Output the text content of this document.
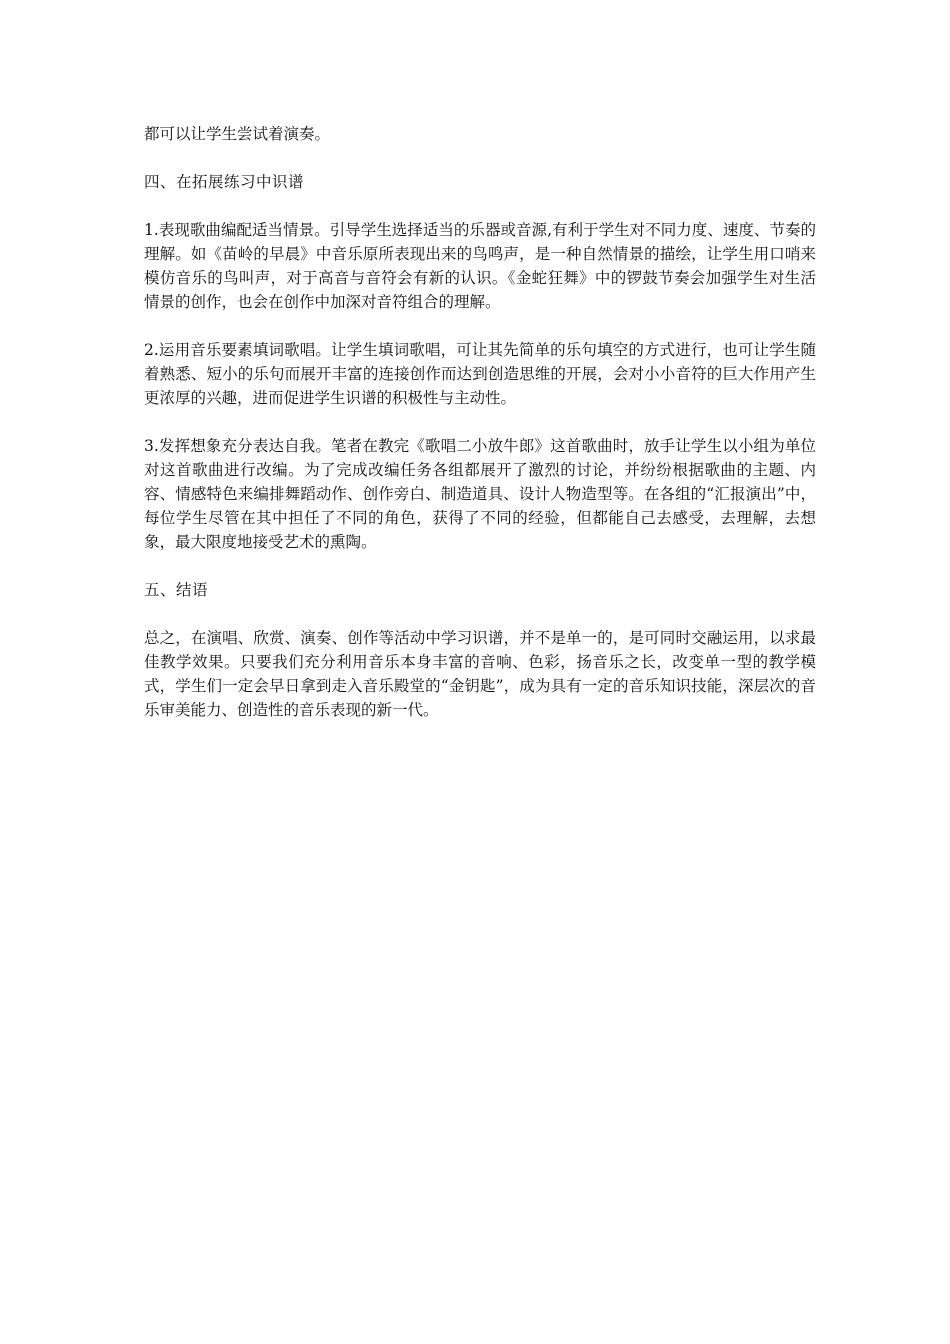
都可以让学生尝试着演奏。

四、在拓展练习中识谱

1.表现歌曲编配适当情景。引导学生选择适当的乐器或音源,有利于学生对不同力度、速度、节奏的理解。如《苗岭的早晨》中音乐原所表现出来的鸟鸣声，是一种自然情景的描绘，让学生用口哨来模仿音乐的鸟叫声，对于高音与音符会有新的认识。《金蛇狂舞》中的锣鼓节奏会加强学生对生活情景的创作，也会在创作中加深对音符组合的理解。

2.运用音乐要素填词歌唱。让学生填词歌唱，可让其先简单的乐句填空的方式进行，也可让学生随着熟悉、短小的乐句而展开丰富的连接创作而达到创造思维的开展，会对小小音符的巨大作用产生更浓厚的兴趣，进而促进学生识谱的积极性与主动性。

3.发挥想象充分表达自我。笔者在教完《歌唱二小放牛郎》这首歌曲时，放手让学生以小组为单位对这首歌曲进行改编。为了完成改编任务各组都展开了激烈的讨论，并纷纷根据歌曲的主题、内容、情感特色来编排舞蹈动作、创作旁白、制造道具、设计人物造型等。在各组的“汇报演出”中，每位学生尽管在其中担任了不同的角色，获得了不同的经验，但都能自己去感受，去理解，去想象，最大限度地接受艺术的熏陶。

五、结语

总之，在演唱、欣赏、演奏、创作等活动中学习识谱，并不是单一的，是可同时交融运用，以求最佳教学效果。只要我们充分利用音乐本身丰富的音响、色彩，扬音乐之长，改变单一型的教学模式，学生们一定会早日拿到走入音乐殿堂的“金钥匙”，成为具有一定的音乐知识技能，深层次的音乐审美能力、创造性的音乐表现的新一代。
